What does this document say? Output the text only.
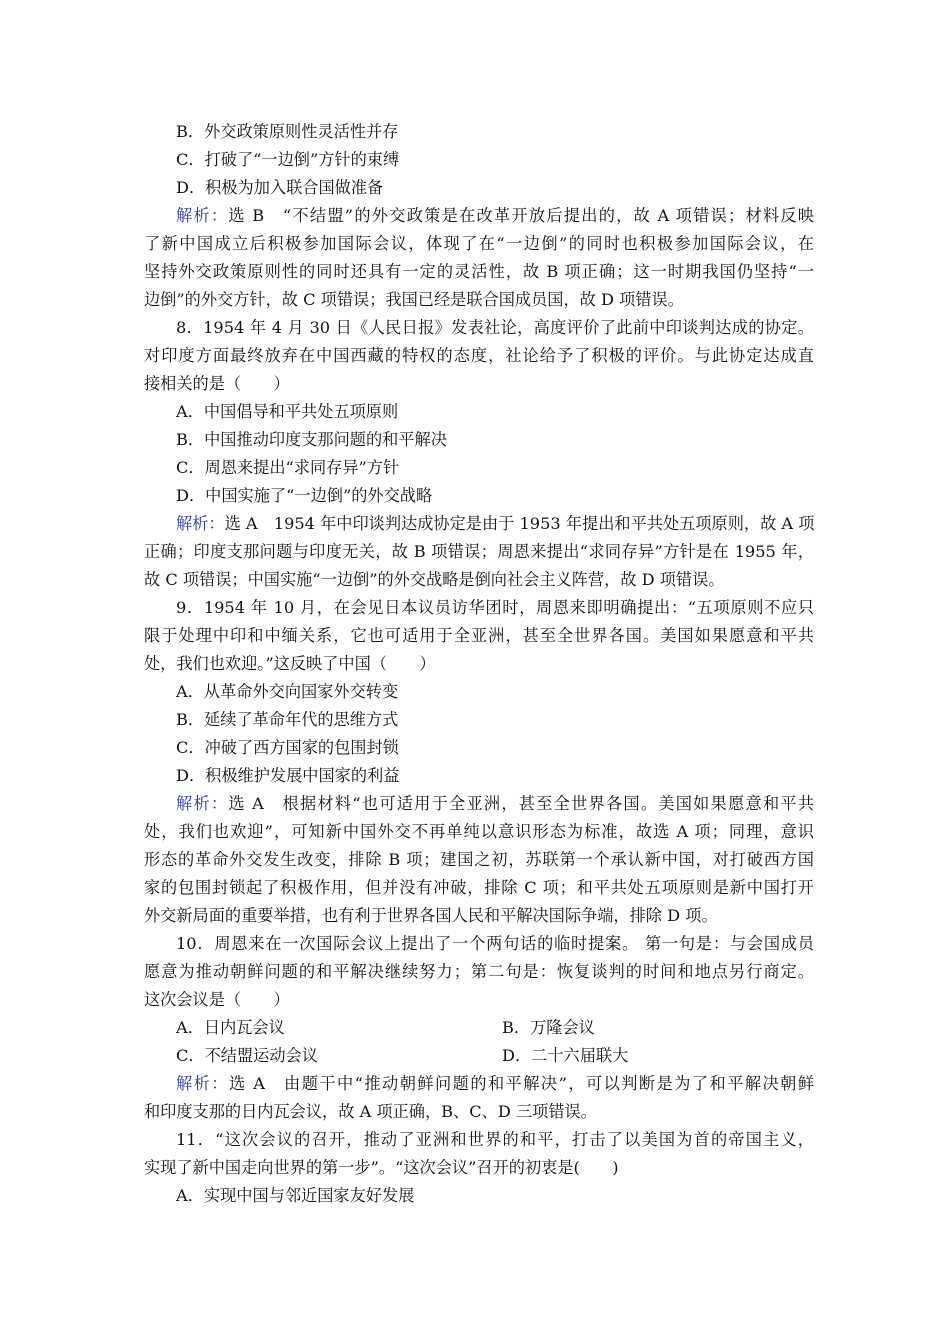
B．外交政策原则性灵活性并存
C．打破了“一边倒”方针的束缚
D．积极为加入联合国做准备
解析：选 B　“不结盟”的外交政策是在改革开放后提出的，故 A 项错误；材料反映
了新中国成立后积极参加国际会议，体现了在“一边倒”的同时也积极参加国际会议，在
坚持外交政策原则性的同时还具有一定的灵活性，故 B 项正确；这一时期我国仍坚持“一
边倒”的外交方针，故 C 项错误；我国已经是联合国成员国，故 D 项错误。
8．1954 年 4 月 30 日《人民日报》发表社论，高度评价了此前中印谈判达成的协定。
对印度方面最终放弃在中国西藏的特权的态度，社论给予了积极的评价。与此协定达成直
接相关的是（　　）
A．中国倡导和平共处五项原则
B．中国推动印度支那问题的和平解决
C．周恩来提出“求同存异”方针
D．中国实施了“一边倒”的外交战略
解析：选 A　1954 年中印谈判达成协定是由于 1953 年提出和平共处五项原则，故 A 项
正确；印度支那问题与印度无关，故 B 项错误；周恩来提出“求同存异”方针是在 1955 年，
故 C 项错误；中国实施“一边倒”的外交战略是倒向社会主义阵营，故 D 项错误。
9．1954 年 10 月，在会见日本议员访华团时，周恩来即明确提出：“五项原则不应只
限于处理中印和中缅关系，它也可适用于全亚洲，甚至全世界各国。美国如果愿意和平共
处，我们也欢迎。”这反映了中国（　　）
A．从革命外交向国家外交转变
B．延续了革命年代的思维方式
C．冲破了西方国家的包围封锁
D．积极维护发展中国家的利益
解析：选 A　根据材料“也可适用于全亚洲，甚至全世界各国。美国如果愿意和平共
处，我们也欢迎”，可知新中国外交不再单纯以意识形态为标准，故选 A 项；同理，意识
形态的革命外交发生改变，排除 B 项；建国之初，苏联第一个承认新中国，对打破西方国
家的包围封锁起了积极作用，但并没有冲破，排除 C 项；和平共处五项原则是新中国打开
外交新局面的重要举措，也有利于世界各国人民和平解决国际争端，排除 D 项。
10．周恩来在一次国际会议上提出了一个两句话的临时提案。 第一句是：与会国成员
愿意为推动朝鲜问题的和平解决继续努力；第二句是：恢复谈判的时间和地点另行商定。
这次会议是（　　）
A．日内瓦会议	B．万隆会议
C．不结盟运动会议	D．二十六届联大
解析：选 A　由题干中“推动朝鲜问题的和平解决”，可以判断是为了和平解决朝鲜
和印度支那的日内瓦会议，故 A 项正确，B、C、D 三项错误。
11．“这次会议的召开，推动了亚洲和世界的和平，打击了以美国为首的帝国主义，
实现了新中国走向世界的第一步”。“这次会议”召开的初衷是(　　)
A．实现中国与邻近国家友好发展
